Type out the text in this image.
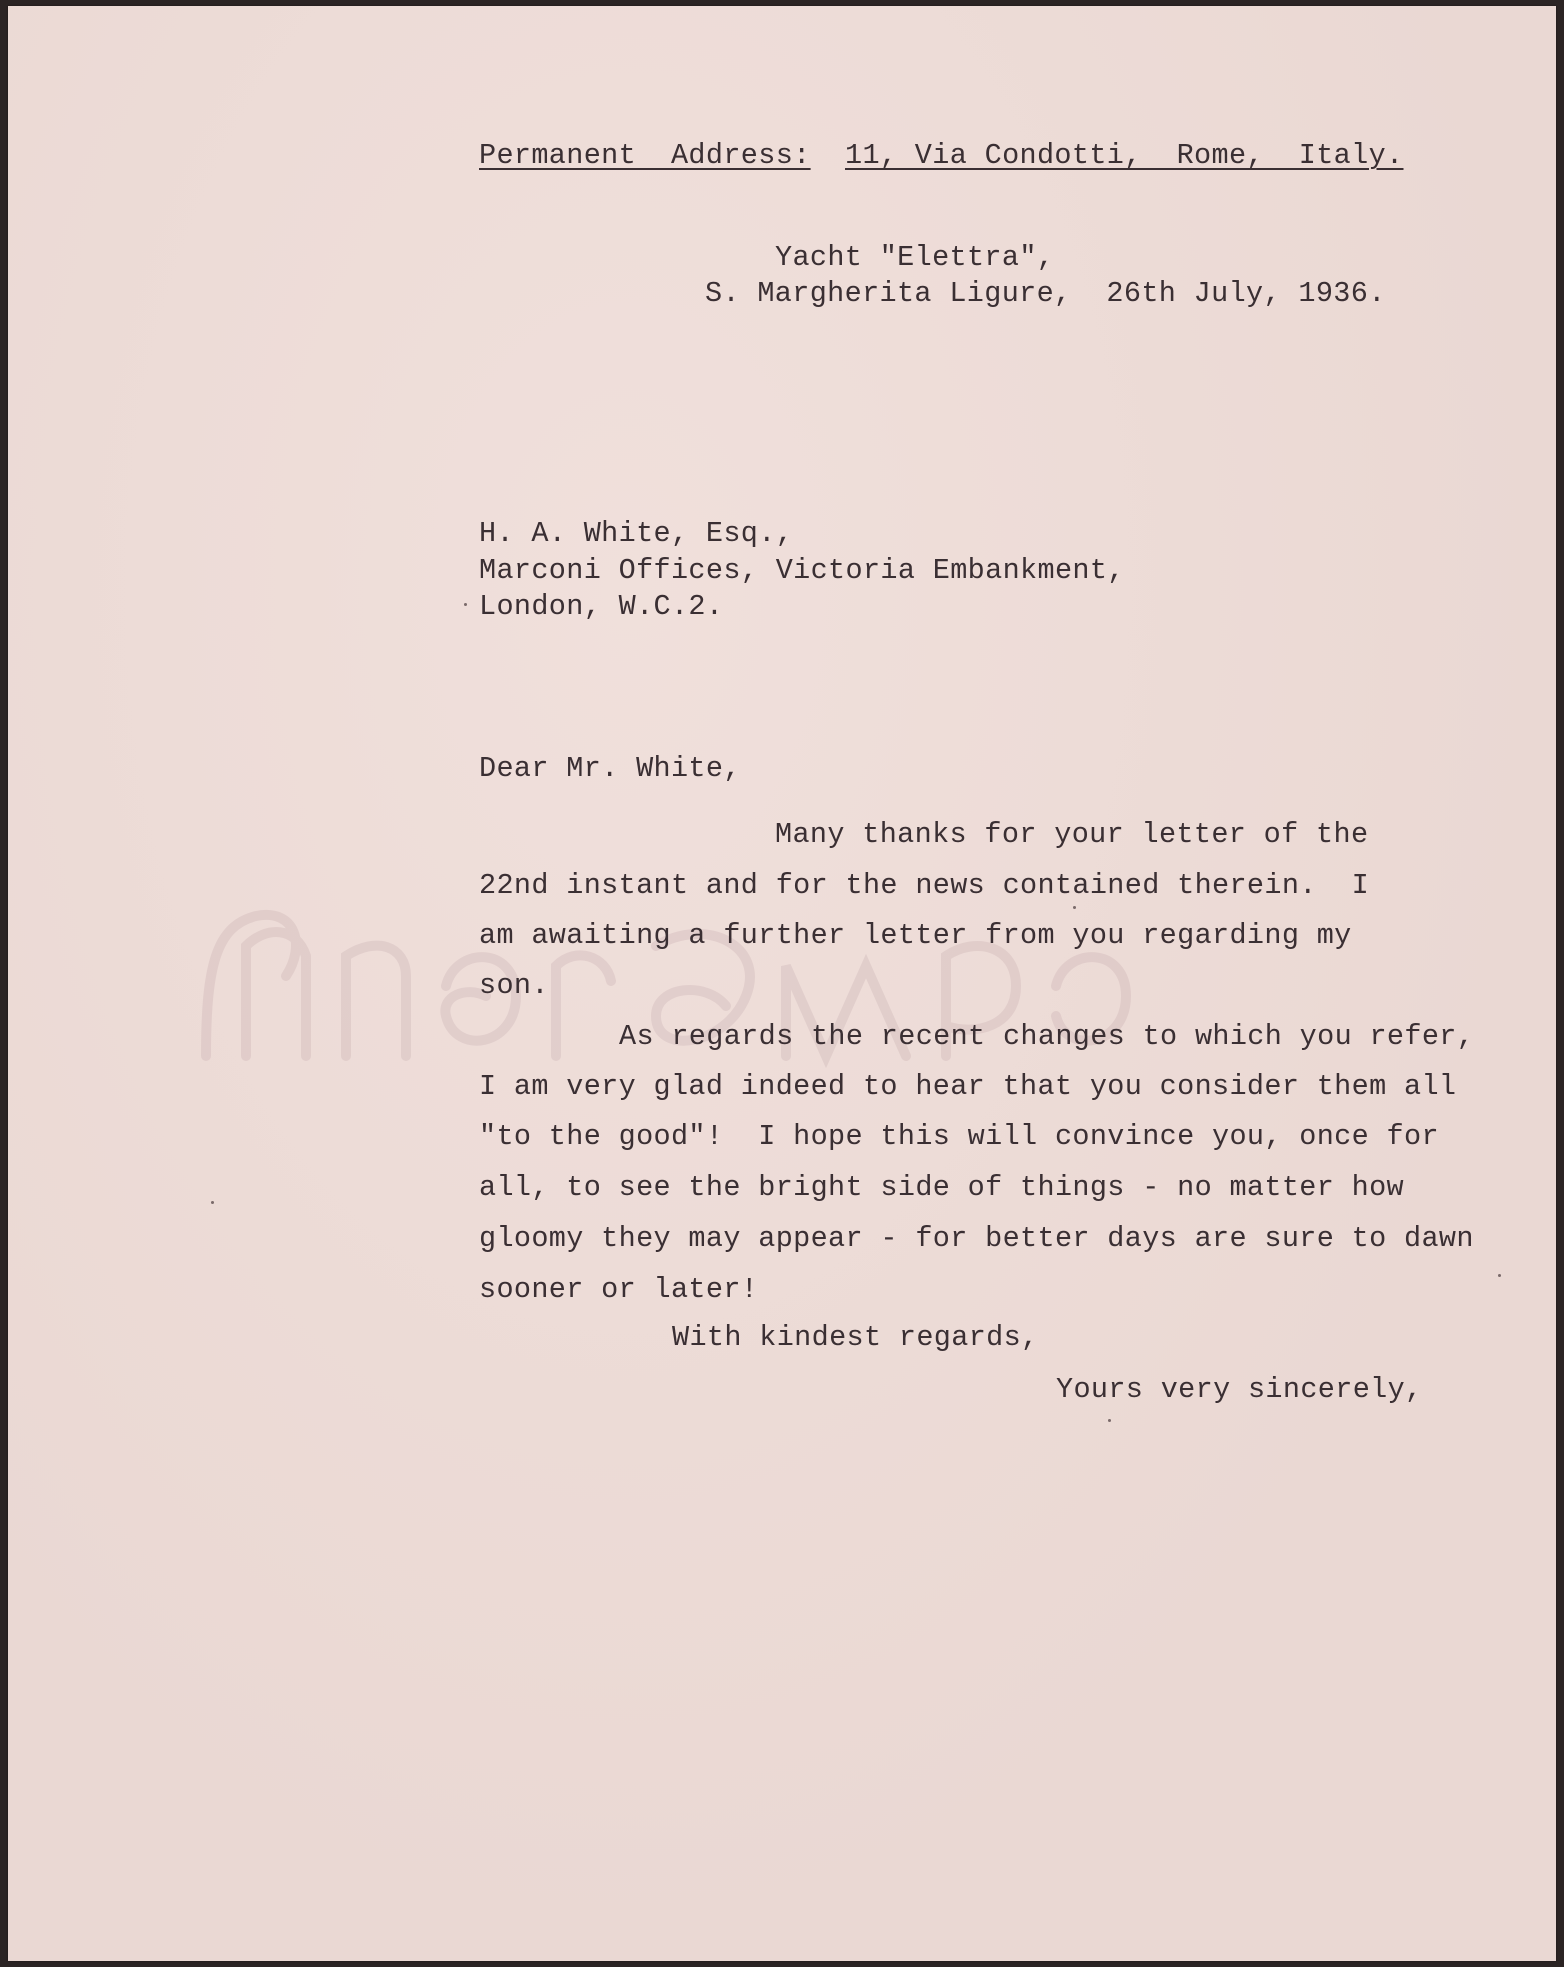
Permanent  Address: 11, Via Condotti,  Rome,  Italy.
Yacht "Elettra",
S. Margherita Ligure,  26th July, 1936.
H. A. White, Esq.,
Marconi Offices, Victoria Embankment,
London, W.C.2.
Dear Mr. White,
Many thanks for your letter of the
22nd instant and for the news contained therein.  I
am awaiting a further letter from you regarding my
son.
As regards the recent changes to which you refer,
I am very glad indeed to hear that you consider them all
"to the good"!  I hope this will convince you, once for
all, to see the bright side of things - no matter how
gloomy they may appear - for better days are sure to dawn
sooner or later!
With kindest regards,
Yours very sincerely,
